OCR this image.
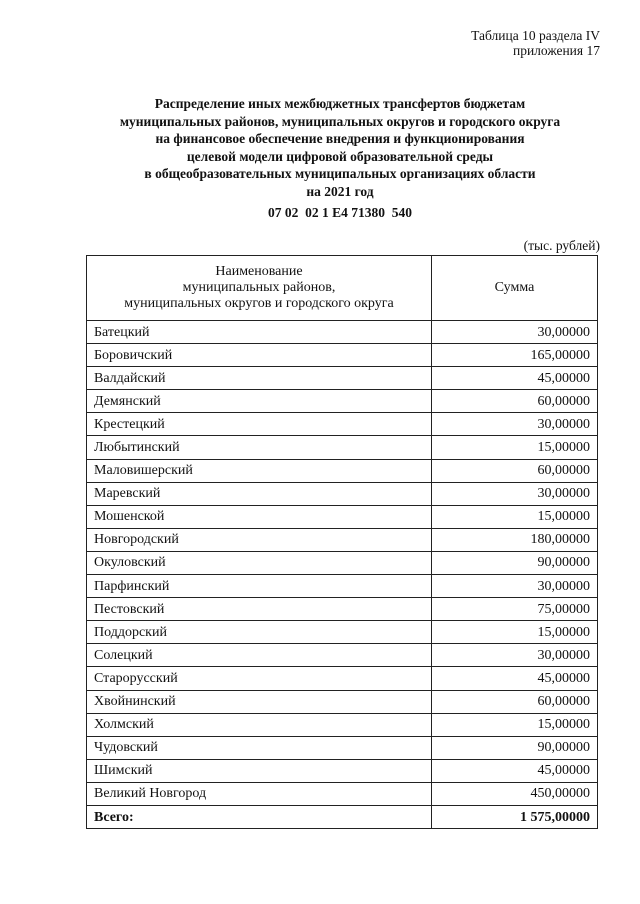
Таблица 10 раздела IV
приложения 17
Распределение иных межбюджетных трансфертов бюджетам
муниципальных районов, муниципальных округов и городского округа
на финансовое обеспечение внедрения и функционирования
целевой модели цифровой образовательной среды
в общеобразовательных муниципальных организациях области
на 2021 год
07 02  02 1 Е4 71380  540
(тыс. рублей)
Наименование
муниципальных районов,
муниципальных округов и городского округа	Сумма
Батецкий	30,00000
Боровичский	165,00000
Валдайский	45,00000
Демянский	60,00000
Крестецкий	30,00000
Любытинский	15,00000
Маловишерский	60,00000
Маревский	30,00000
Мошенской	15,00000
Новгородский	180,00000
Окуловский	90,00000
Парфинский	30,00000
Пестовский	75,00000
Поддорский	15,00000
Солецкий	30,00000
Старорусский	45,00000
Хвойнинский	60,00000
Холмский	15,00000
Чудовский	90,00000
Шимский	45,00000
Великий Новгород	450,00000
Всего:	1 575,00000
